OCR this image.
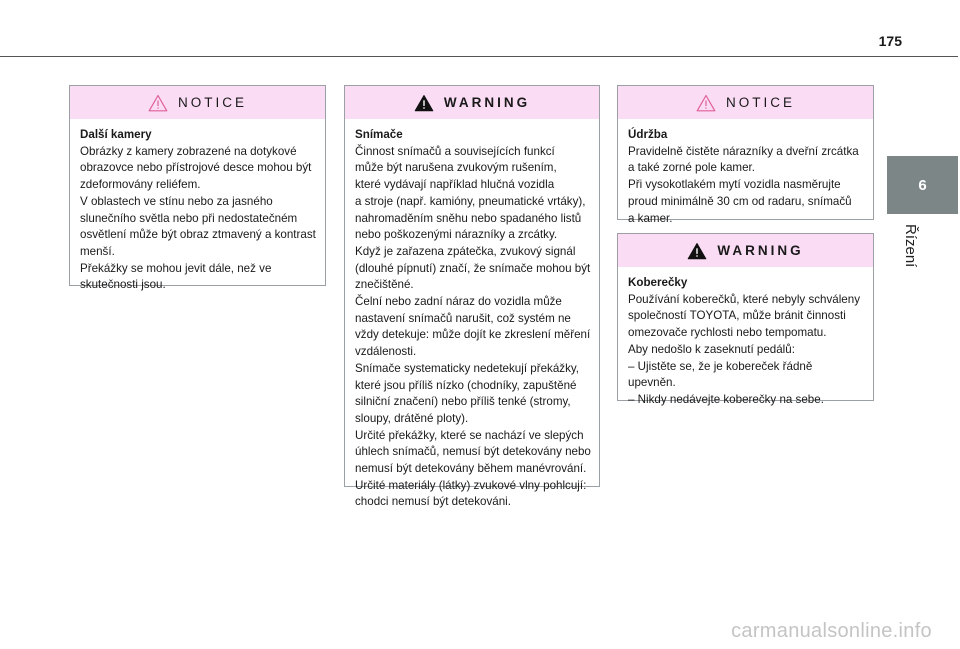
175
6
Řízení
NOTICE
Další kamery
Obrázky z kamery zobrazené na dotykové
obrazovce nebo přístrojové desce mohou být
zdeformovány reliéfem.
V oblastech ve stínu nebo za jasného
slunečního světla nebo při nedostatečném
osvětlení může být obraz ztmavený a kontrast
menší.
Překážky se mohou jevit dále, než ve
skutečnosti jsou.
WARNING
Snímače
Činnost snímačů a souvisejících funkcí
může být narušena zvukovým rušením,
které vydávají například hlučná vozidla
a stroje (např. kamióny, pneumatické vrtáky),
nahromaděním sněhu nebo spadaného listů
nebo poškozenými nárazníky a zrcátky.
Když je zařazena zpátečka, zvukový signál
(dlouhé pípnutí) značí, že snímače mohou být
znečištěné.
Čelní nebo zadní náraz do vozidla může
nastavení snímačů narušit, což systém ne
vždy detekuje: může dojít ke zkreslení měření
vzdálenosti.
Snímače systematicky nedetekují překážky,
které jsou příliš nízko (chodníky, zapuštěné
silniční značení) nebo příliš tenké (stromy,
sloupy, drátěné ploty).
Určité překážky, které se nachází ve slepých
úhlech snímačů, nemusí být detekovány nebo
nemusí být detekovány během manévrování.
Určité materiály (látky) zvukové vlny pohlcují:
chodci nemusí být detekováni.
NOTICE
Údržba
Pravidelně čistěte nárazníky a dveřní zrcátka
a také zorné pole kamer.
Při vysokotlakém mytí vozidla nasměrujte
proud minimálně 30 cm od radaru, snímačů
a kamer.
WARNING
Koberečky
Používání koberečků, které nebyly schváleny
společností TOYOTA, může bránit činnosti
omezovače rychlosti nebo tempomatu.
Aby nedošlo k zaseknutí pedálů:
– Ujistěte se, že je kobereček řádně
upevněn.
– Nikdy nedávejte koberečky na sebe.
carmanualsonline.info
